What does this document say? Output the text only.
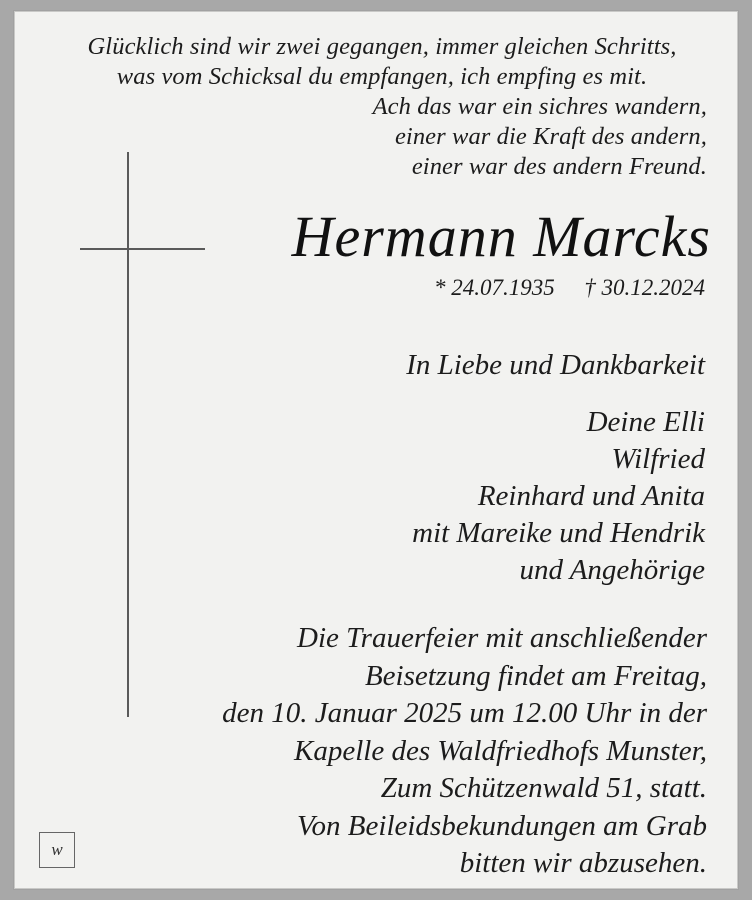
Glücklich sind wir zwei gegangen, immer gleichen Schritts,
was vom Schicksal du empfangen, ich empfing es mit.
Ach das war ein sichres wandern,
einer war die Kraft des andern,
einer war des andern Freund.
Hermann Marcks
* 24.07.1935 † 30.12.2024
In Liebe und Dankbarkeit
Deine Elli
Wilfried
Reinhard und Anita
mit Mareike und Hendrik
und Angehörige
Die Trauerfeier mit anschließender
Beisetzung findet am Freitag,
den 10. Januar 2025 um 12.00 Uhr in der
Kapelle des Waldfriedhofs Munster,
Zum Schützenwald 51, statt.
Von Beileidsbekundungen am Grab
bitten wir abzusehen.
w
